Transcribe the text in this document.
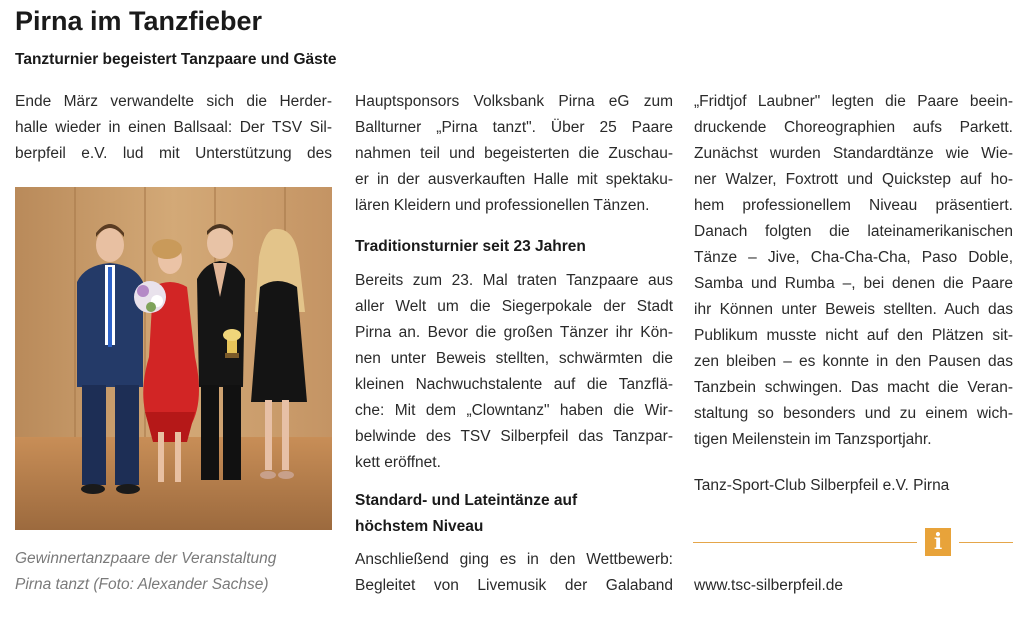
Pirna im Tanzfieber
Tanzturnier begeistert Tanzpaare und Gäste
Ende März verwandelte sich die Herder-
halle wieder in einen Ballsaal: Der TSV Sil-
berpfeil e.V. lud mit Unterstützung des
Gewinnertanzpaare der Veranstaltung
Pirna tanzt (Foto: Alexander Sachse)
Hauptsponsors Volksbank Pirna eG zum
Ballturner „Pirna tanzt". Über 25 Paare
nahmen teil und begeisterten die Zuschau-
er in der ausverkauften Halle mit spektaku-
lären Kleidern und professionellen Tänzen.
Traditionsturnier seit 23 Jahren
Bereits zum 23. Mal traten Tanzpaare aus
aller Welt um die Siegerpokale der Stadt
Pirna an. Bevor die großen Tänzer ihr Kön-
nen unter Beweis stellten, schwärmten die
kleinen Nachwuchstalente auf die Tanzflä-
che: Mit dem „Clowntanz" haben die Wir-
belwinde des TSV Silberpfeil das Tanzpar-
kett eröffnet.
Standard- und Lateintänze auf
höchstem Niveau
Anschließend ging es in den Wettbewerb:
Begleitet von Livemusik der Galaband
„Fridtjof Laubner" legten die Paare beein-
druckende Choreographien aufs Parkett.
Zunächst wurden Standardtänze wie Wie-
ner Walzer, Foxtrott und Quickstep auf ho-
hem professionellem Niveau präsentiert.
Danach folgten die lateinamerikanischen
Tänze – Jive, Cha-Cha-Cha, Paso Doble,
Samba und Rumba –, bei denen die Paare
ihr Können unter Beweis stellten. Auch das
Publikum musste nicht auf den Plätzen sit-
zen bleiben – es konnte in den Pausen das
Tanzbein schwingen. Das macht die Veran-
staltung so besonders und zu einem wich-
tigen Meilenstein im Tanzsportjahr.
Tanz-Sport-Club Silberpfeil e.V. Pirna
i
www.tsc-silberpfeil.de
